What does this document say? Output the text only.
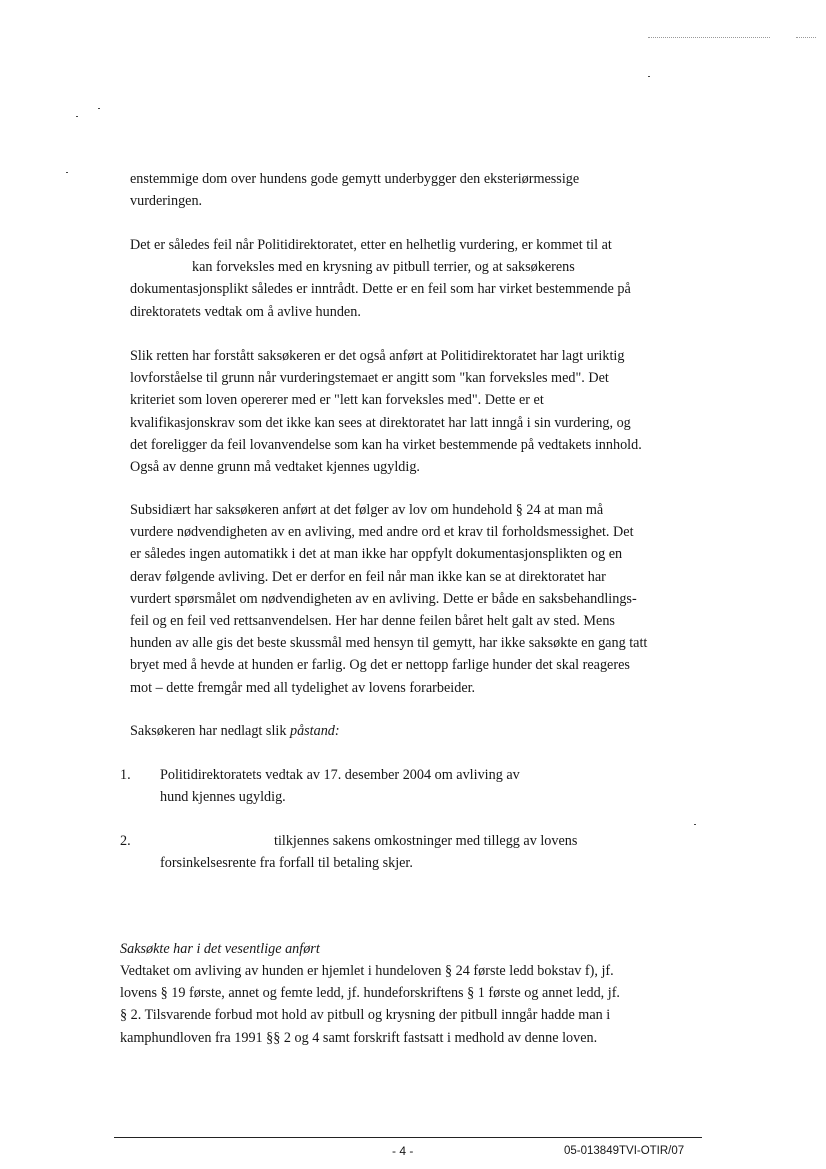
enstemmige dom over hundens gode gemytt underbygger den eksteriørmessige
vurderingen.
Det er således feil når Politidirektoratet, etter en helhetlig vurdering, er kommet til at
kan forveksles med en krysning av pitbull terrier, og at saksøkerens
dokumentasjonsplikt således er inntrådt. Dette er en feil som har virket bestemmende på
direktoratets vedtak om å avlive hunden.
Slik retten har forstått saksøkeren er det også anført at Politidirektoratet har lagt uriktig
lovforståelse til grunn når vurderingstemaet er angitt som "kan forveksles med". Det
kriteriet som loven opererer med er "lett kan forveksles med". Dette er et
kvalifikasjonskrav som det ikke kan sees at direktoratet har latt inngå i sin vurdering, og
det foreligger da feil lovanvendelse som kan ha virket bestemmende på vedtakets innhold.
Også av denne grunn må vedtaket kjennes ugyldig.
Subsidiært har saksøkeren anført at det følger av lov om hundehold § 24 at man må
vurdere nødvendigheten av en avliving, med andre ord et krav til forholdsmessighet. Det
er således ingen automatikk i det at man ikke har oppfylt dokumentasjonsplikten og en
derav følgende avliving. Det er derfor en feil når man ikke kan se at direktoratet har
vurdert spørsmålet om nødvendigheten av en avliving. Dette er både en saksbehandlings-
feil og en feil ved rettsanvendelsen. Her har denne feilen båret helt galt av sted. Mens
hunden av alle gis det beste skussmål med hensyn til gemytt, har ikke saksøkte en gang tatt
bryet med å hevde at hunden er farlig. Og det er nettopp farlige hunder det skal reageres
mot – dette fremgår med all tydelighet av lovens forarbeider.
Saksøkeren har nedlagt slik påstand:
1. Politidirektoratets vedtak av 17. desember 2004 om avliving av
hund kjennes ugyldig.
2.	tilkjennes sakens omkostninger med tillegg av lovens
forsinkelsesrente fra forfall til betaling skjer.
Saksøkte har i det vesentlige anført
Vedtaket om avliving av hunden er hjemlet i hundeloven § 24 første ledd bokstav f), jf.
lovens § 19 første, annet og femte ledd, jf. hundeforskriftens § 1 første og annet ledd, jf.
§ 2. Tilsvarende forbud mot hold av pitbull og krysning der pitbull inngår hadde man i
kamphundloven fra 1991 §§ 2 og 4 samt forskrift fastsatt i medhold av denne loven.
- 4 -	05-013849TVI-OTIR/07
